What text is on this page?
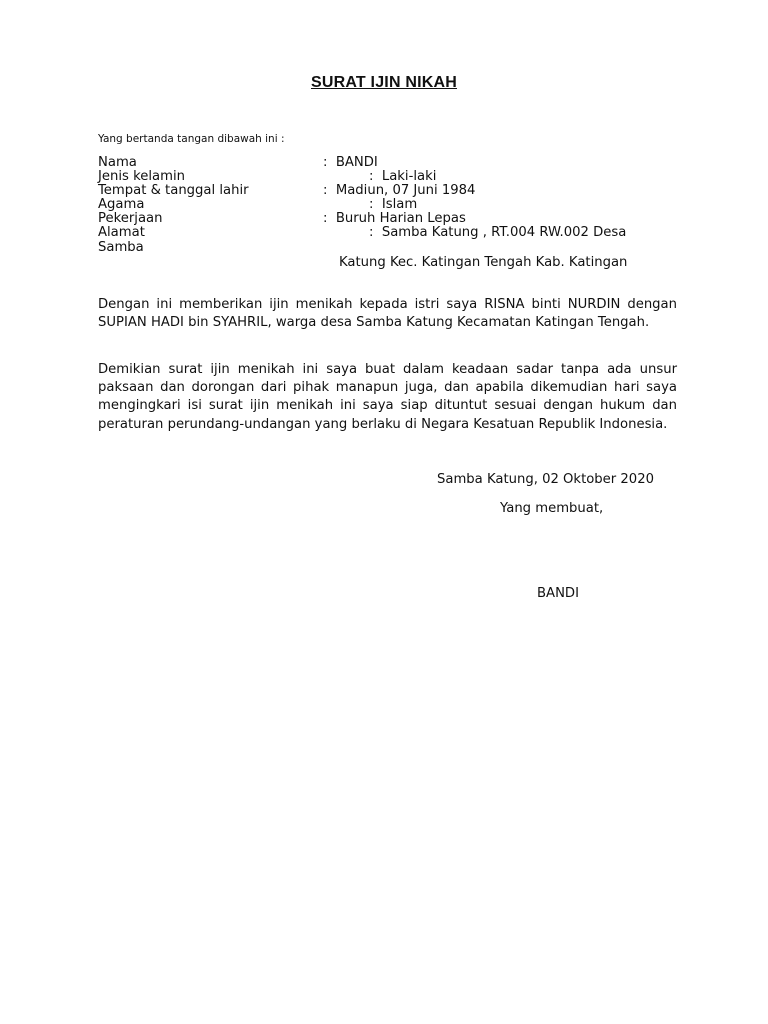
SURAT IJIN NIKAH
Yang bertanda tangan dibawah ini :
Nama	: BANDI
Jenis kelamin	: Laki-laki
Tempat & tanggal lahir	: Madiun, 07 Juni 1984
Agama	: Islam
Pekerjaan	: Buruh Harian Lepas
Alamat	: Samba Katung , RT.004 RW.002 Desa
Samba
Katung Kec. Katingan Tengah Kab. Katingan
Dengan ini memberikan ijin menikah kepada istri saya RISNA binti NURDIN dengan SUPIAN HADI bin SYAHRIL, warga desa Samba Katung Kecamatan Katingan Tengah.
Demikian surat ijin menikah ini saya buat dalam keadaan sadar tanpa ada unsur paksaan dan dorongan dari pihak manapun juga, dan apabila dikemudian hari saya mengingkari isi surat ijin menikah ini saya siap dituntut sesuai dengan hukum dan peraturan perundang-undangan yang berlaku di Negara Kesatuan Republik Indonesia.
Samba Katung, 02 Oktober 2020
Yang membuat,
BANDI
